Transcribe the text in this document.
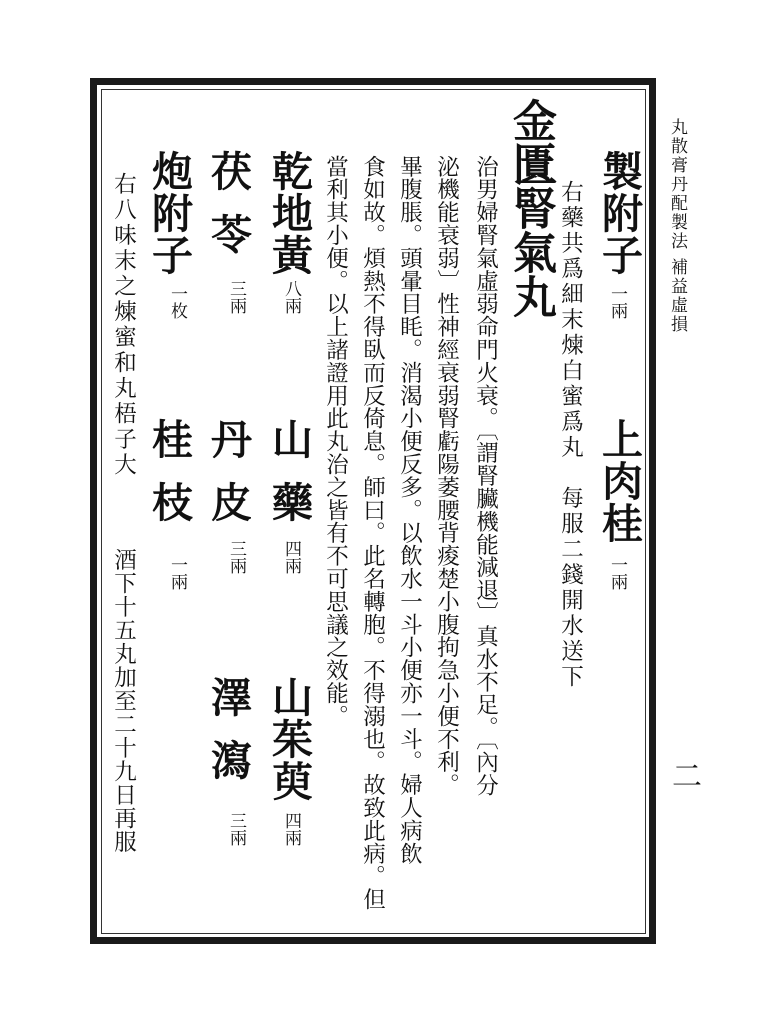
丸散膏丹配製法
補益虛損
二
製附子
一兩
上肉桂
一兩
右藥共爲細末煉白蜜爲丸　每服二錢開水送下
金匱腎氣丸
治男婦腎氣虛弱命門火衰。〔謂腎臟機能減退〕真水不足。〔內分
泌機能衰弱〕性神經衰弱腎虧陽萎腰背痠楚小腹拘急小便不利。
畢腹脹。頭暈目眊。消渴小便反多。以飲水一斗小便亦一斗。婦人病飲
食如故。煩熱不得臥而反倚息。師曰。此名轉胞。不得溺也。故致此病。但
當利其小便。以上諸證用此丸治之皆有不可思議之效能。
乾地黃
八兩
山藥
四兩
山茱萸
四兩
茯苓
三兩
丹皮
三兩
澤瀉
三兩
炮附子
一枚
桂枝
一兩
右八味末之煉蜜和丸梧子大
酒下十五丸加至二十九日再服
